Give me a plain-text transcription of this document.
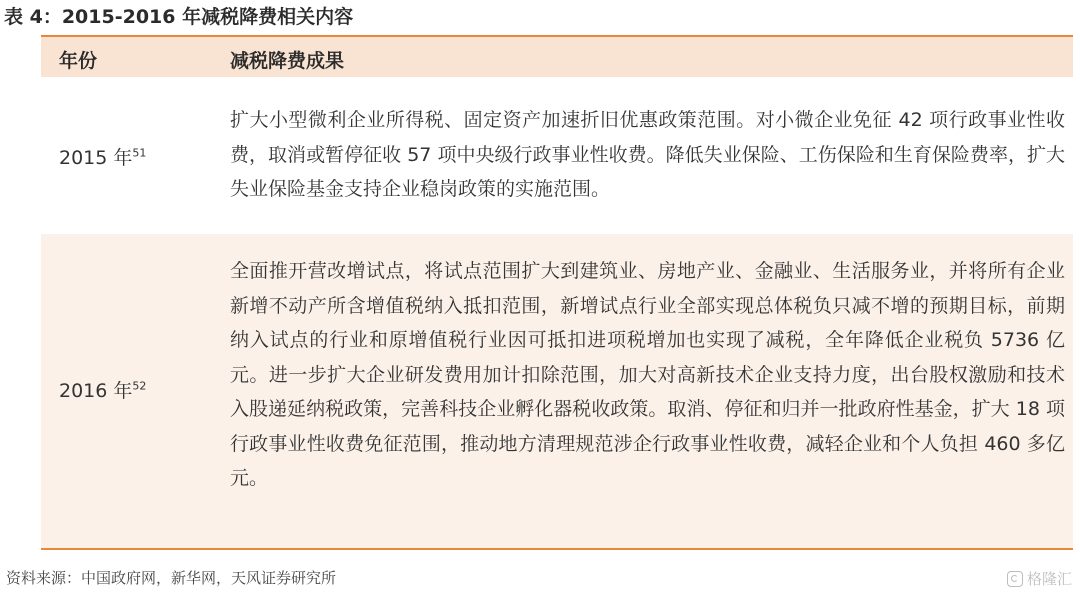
表 4：2015-2016 年减税降费相关内容
年份	减税降费成果
2015 年$^{51}$
扩大小型微利企业所得税、固定资产加速折旧优惠政策范围。对小微企业免征 42 项行政事业性收费，取消或暂停征收 57 项中央级行政事业性收费。降低失业保险、工伤保险和生育保险费率，扩大失业保险基金支持企业稳岗政策的实施范围。
2016 年$^{52}$
全面推开营改增试点，将试点范围扩大到建筑业、房地产业、金融业、生活服务业，并将所有企业新增不动产所含增值税纳入抵扣范围，新增试点行业全部实现总体税负只减不增的预期目标，前期纳入试点的行业和原增值税行业因可抵扣进项税增加也实现了减税，全年降低企业税负 5736 亿元。进一步扩大企业研发费用加计扣除范围，加大对高新技术企业支持力度，出台股权激励和技术入股递延纳税政策，完善科技企业孵化器税收政策。取消、停征和归并一批政府性基金，扩大 18 项行政事业性收费免征范围，推动地方清理规范涉企行政事业性收费，减轻企业和个人负担 460 多亿元。
资料来源：中国政府网，新华网，天风证券研究所	格隆汇
